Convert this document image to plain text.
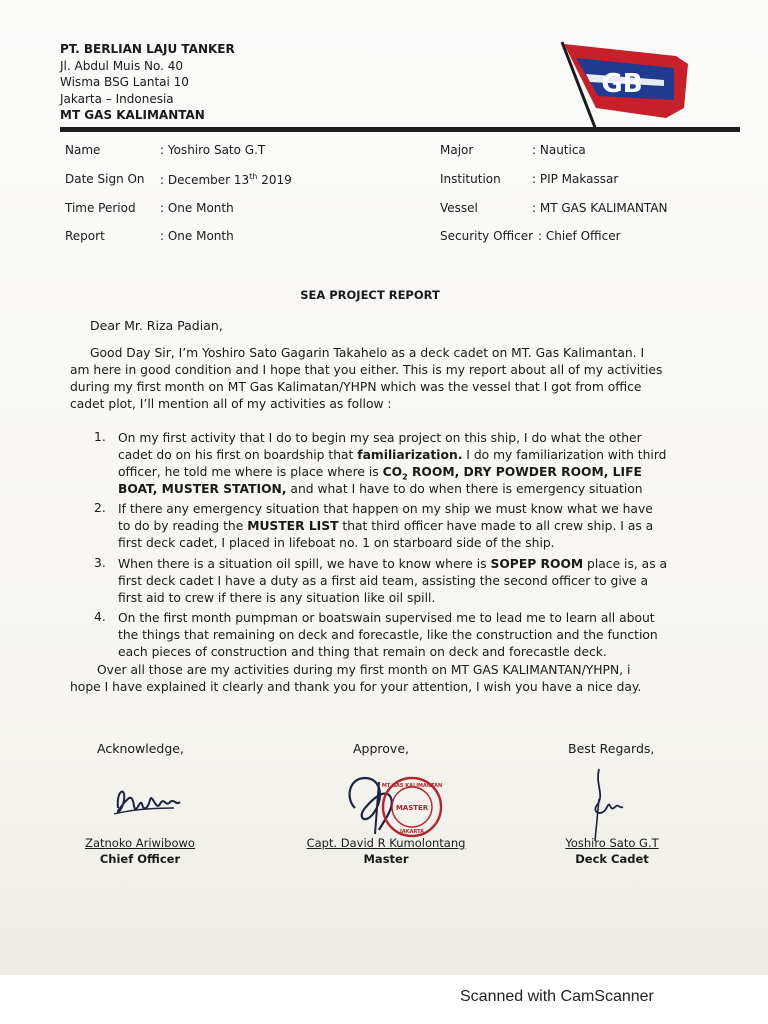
PT. BERLIAN LAJU TANKER
Jl. Abdul Muis No. 40
Wisma BSG Lantai 10
Jakarta – Indonesia
MT GAS KALIMANTAN
GB
Name	: Yoshiro Sato G.T
Date Sign On : December 13th 2019
Time Period : One Month
Report	: One Month
Major	: Nautica
Institution	: PIP Makassar
Vessel	: MT GAS KALIMANTAN
Security Officer : Chief Officer
SEA PROJECT REPORT
Dear Mr. Riza Padian,
Good Day Sir, I’m Yoshiro Sato Gagarin Takahelo as a deck cadet on MT. Gas Kalimantan. I
am here in good condition and I hope that you either. This is my report about all of my activities
during my first month on MT Gas Kalimatan/YHPN which was the vessel that I got from office
cadet plot, I’ll mention all of my activities as follow :
1. On my first activity that I do to begin my sea project on this ship, I do what the other
cadet do on his first on boardship that familiarization. I do my familiarization with third
officer, he told me where is place where is $CO_2$ ROOM, DRY POWDER ROOM, LIFE
BOAT, MUSTER STATION, and what I have to do when there is emergency situation
2. If there any emergency situation that happen on my ship we must know what we have
to do by reading the MUSTER LIST that third officer have made to all crew ship. I as a
first deck cadet, I placed in lifeboat no. 1 on starboard side of the ship.
3. When there is a situation oil spill, we have to know where is SOPEP ROOM place is, as a
first deck cadet I have a duty as a first aid team, assisting the second officer to give a
first aid to crew if there is any situation like oil spill.
4. On the first month pumpman or boatswain supervised me to lead me to learn all about
the things that remaining on deck and forecastle, like the construction and the function
each pieces of construction and thing that remain on deck and forecastle deck.
Over all those are my activities during my first month on MT GAS KALIMANTAN/YHPN, i
hope I have explained it clearly and thank you for your attention, I wish you have a nice day.
Acknowledge,	Approve,	Best Regards,
MT GAS KALIMANTAN
MASTER
JAKARTA
Zatnoko Ariwibowo
Chief Officer
Capt. David R Kumolontang
Master
Yoshiro Sato G.T
Deck Cadet
Scanned with CamScanner
